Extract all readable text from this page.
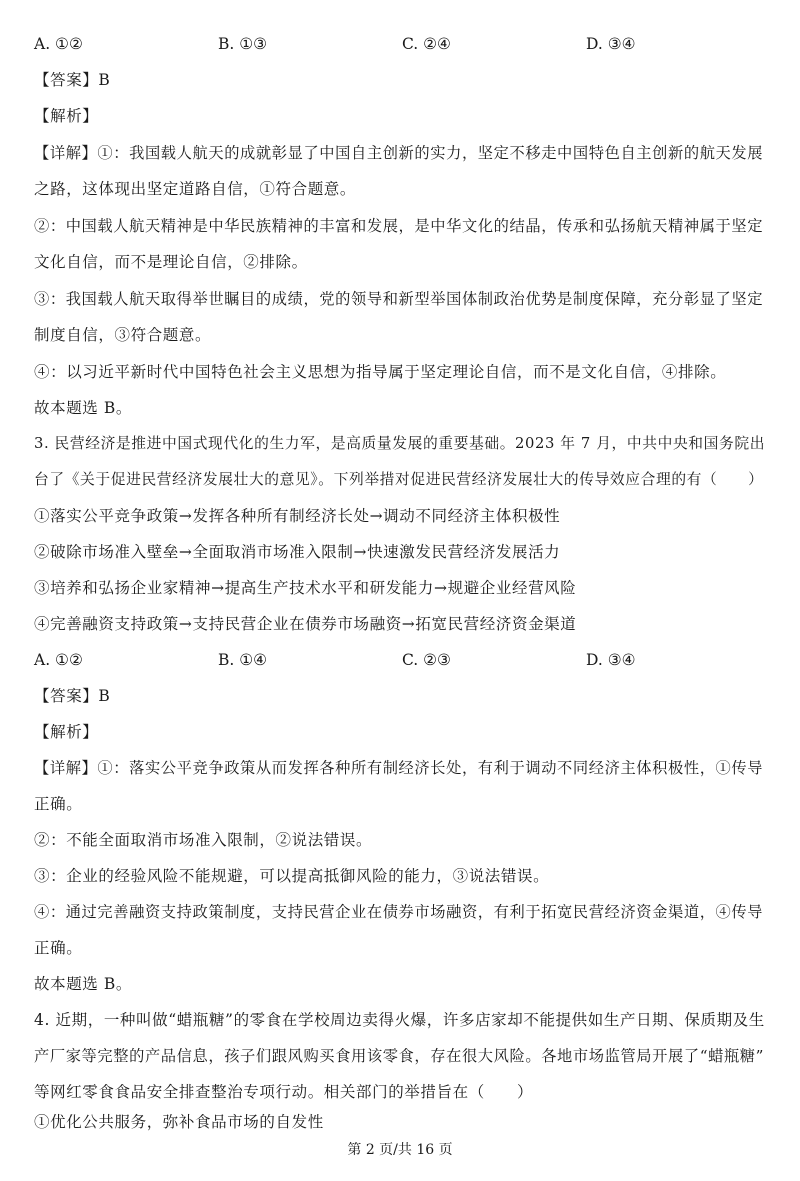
A. ①②	B. ①③	C. ②④	D. ③④
【答案】B
【解析】
【详解】①：我国载人航天的成就彰显了中国自主创新的实力，坚定不移走中国特色自主创新的航天发展
之路，这体现出坚定道路自信，①符合题意。
②：中国载人航天精神是中华民族精神的丰富和发展，是中华文化的结晶，传承和弘扬航天精神属于坚定
文化自信，而不是理论自信，②排除。
③：我国载人航天取得举世瞩目的成绩，党的领导和新型举国体制政治优势是制度保障，充分彰显了坚定
制度自信，③符合题意。
④：以习近平新时代中国特色社会主义思想为指导属于坚定理论自信，而不是文化自信，④排除。
故本题选 B。
3. 民营经济是推进中国式现代化的生力军，是高质量发展的重要基础。2023 年 7 月，中共中央和国务院出
台了《关于促进民营经济发展壮大的意见》。下列举措对促进民营经济发展壮大的传导效应合理的有（　　）
①落实公平竞争政策→发挥各种所有制经济长处→调动不同经济主体积极性
②破除市场准入壁垒→全面取消市场准入限制→快速激发民营经济发展活力
③培养和弘扬企业家精神→提高生产技术水平和研发能力→规避企业经营风险
④完善融资支持政策→支持民营企业在债券市场融资→拓宽民营经济资金渠道
A. ①②	B. ①④	C. ②③	D. ③④
【答案】B
【解析】
【详解】①：落实公平竞争政策从而发挥各种所有制经济长处，有利于调动不同经济主体积极性，①传导
正确。
②：不能全面取消市场准入限制，②说法错误。
③：企业的经验风险不能规避，可以提高抵御风险的能力，③说法错误。
④：通过完善融资支持政策制度，支持民营企业在债券市场融资，有利于拓宽民营经济资金渠道，④传导
正确。
故本题选 B。
4. 近期，一种叫做“蜡瓶糖”的零食在学校周边卖得火爆，许多店家却不能提供如生产日期、保质期及生
产厂家等完整的产品信息，孩子们跟风购买食用该零食，存在很大风险。各地市场监管局开展了“蜡瓶糖”
等网红零食食品安全排查整治专项行动。相关部门的举措旨在（　　）
①优化公共服务，弥补食品市场的自发性
第 2 页/共 16 页
